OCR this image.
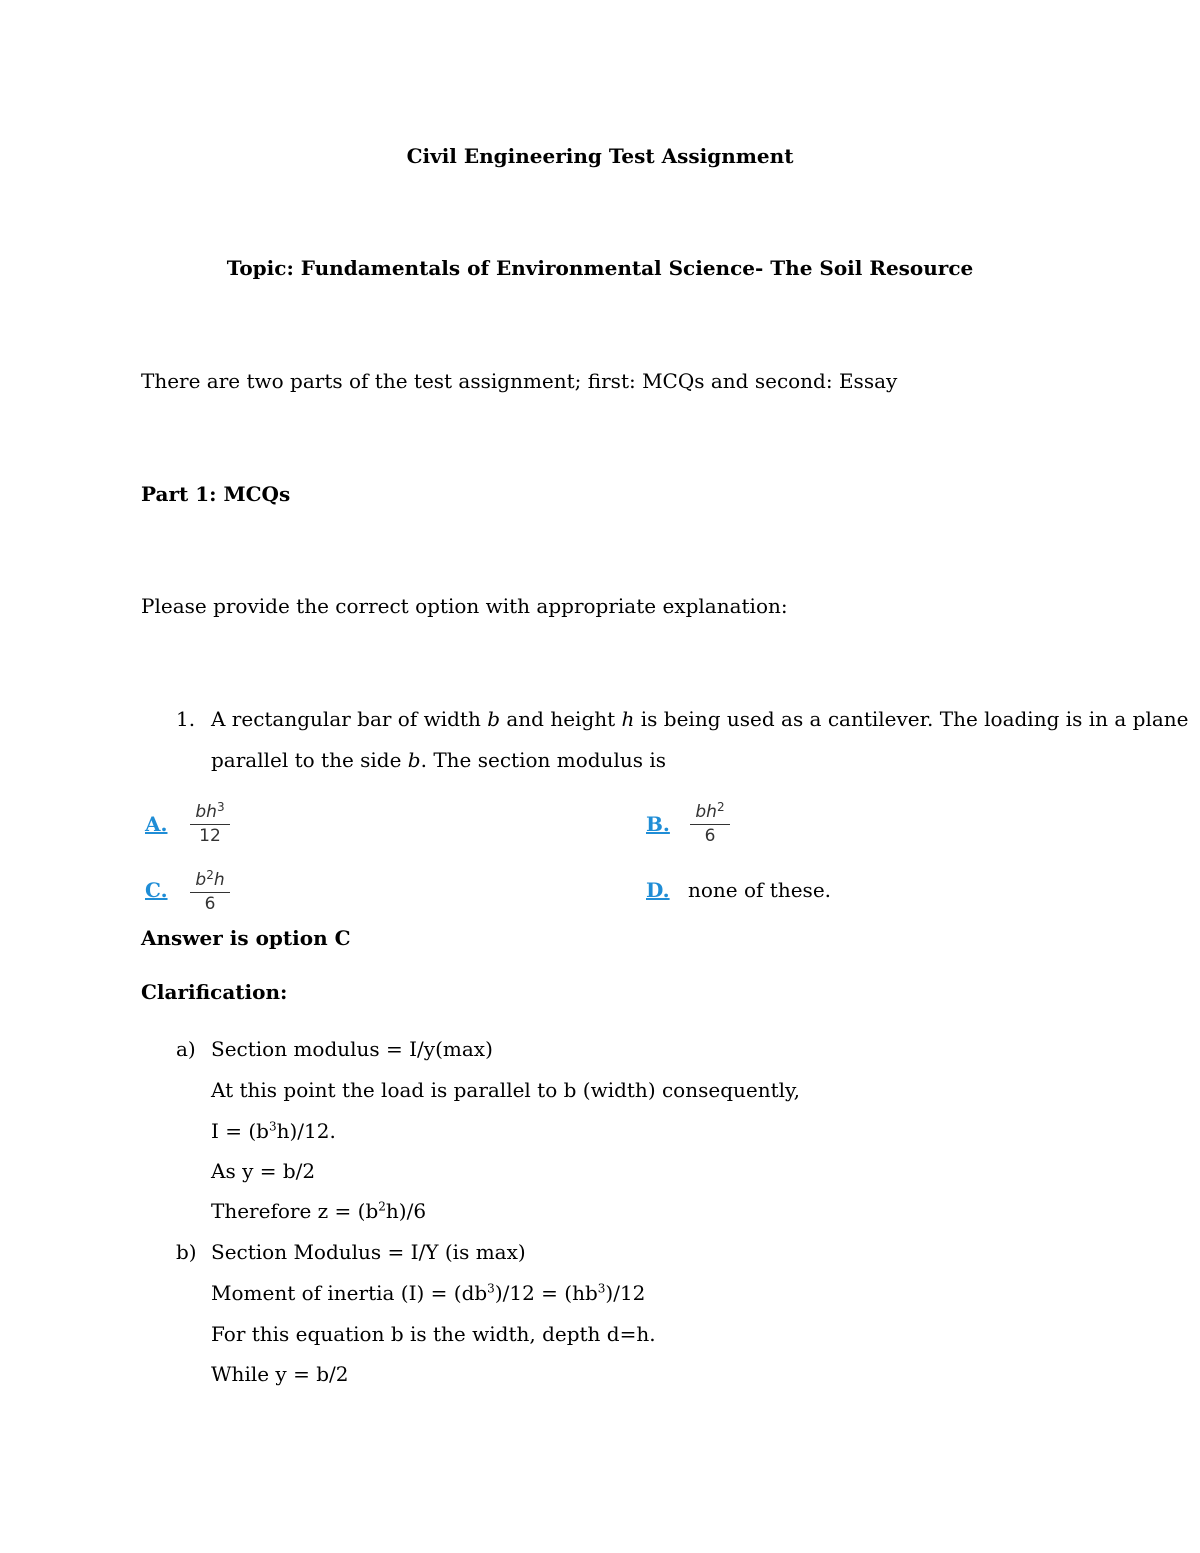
Civil Engineering Test Assignment
Topic: Fundamentals of Environmental Science- The Soil Resource
There are two parts of the test assignment; first: MCQs and second: Essay
Part 1: MCQs
Please provide the correct option with appropriate explanation:
1. A rectangular bar of width b and height h is being used as a cantilever. The loading is in a plane
parallel to the side b. The section modulus is
A. $\frac{bh^3}{12}$	B. $\frac{bh^2}{6}$
C. $\frac{b^2h}{6}$	D. none of these.
Answer is option C
Clarification:
a) Section modulus = I/y(max)
At this point the load is parallel to b (width) consequently,
$I = (b^3h)/12$.
As y = b/2
Therefore $z = (b^2h)/6$
b) Section Modulus = I/Y (is max)
Moment of inertia $(I) = (db^3)/12 = (hb^3)/12$
For this equation b is the width, depth d=h.
While y = b/2
